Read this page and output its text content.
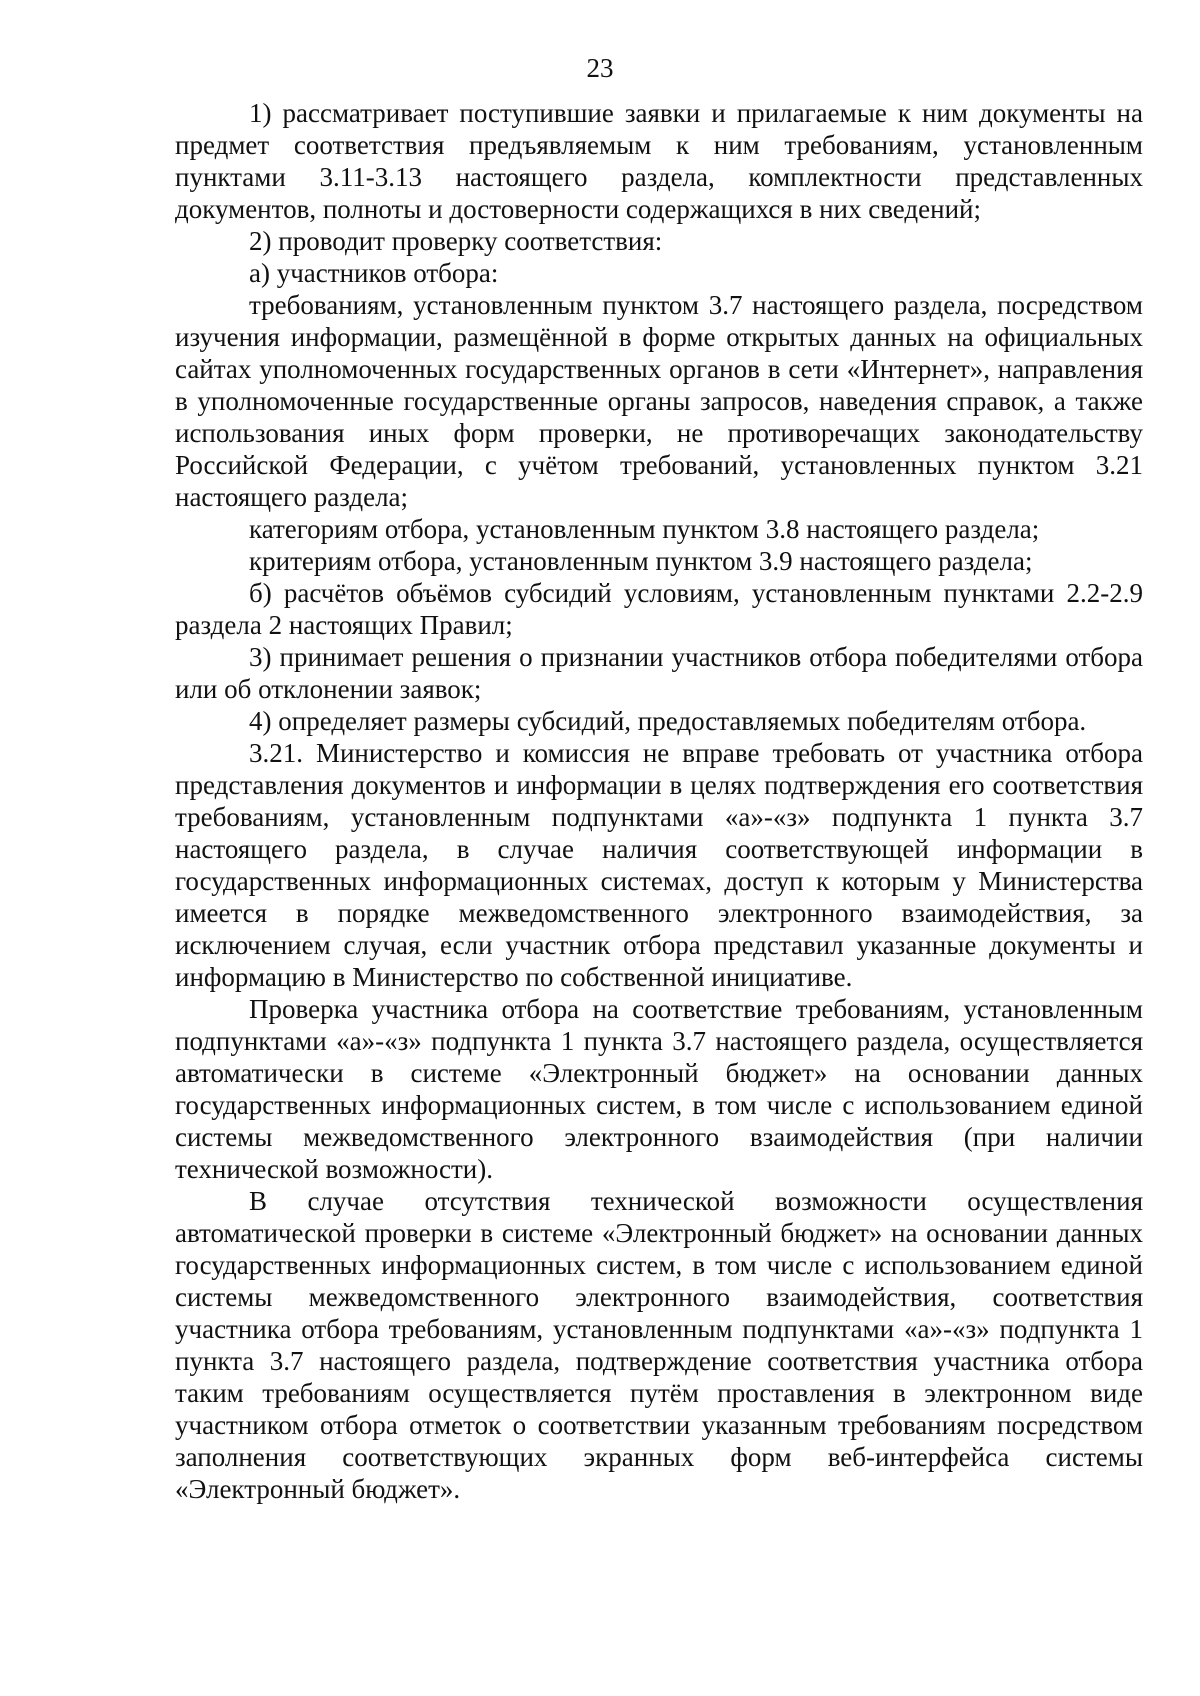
23

1) рассматривает поступившие заявки и прилагаемые к ним документы на предмет соответствия предъявляемым к ним требованиям, установленным пунктами 3.11-3.13 настоящего раздела, комплектности представленных документов, полноты и достоверности содержащихся в них сведений;

2) проводит проверку соответствия:

а) участников отбора:

требованиям, установленным пунктом 3.7 настоящего раздела, посредством изучения информации, размещённой в форме открытых данных на официальных сайтах уполномоченных государственных органов в сети «Интернет», направления в уполномоченные государственные органы запросов, наведения справок, а также использования иных форм проверки, не противоречащих законодательству Российской Федерации, с учётом требований, установленных пунктом 3.21 настоящего раздела;

категориям отбора, установленным пунктом 3.8 настоящего раздела;

критериям отбора, установленным пунктом 3.9 настоящего раздела;

б) расчётов объёмов субсидий условиям, установленным пунктами 2.2-2.9 раздела 2 настоящих Правил;

3) принимает решения о признании участников отбора победителями отбора или об отклонении заявок;

4) определяет размеры субсидий, предоставляемых победителям отбора.

3.21. Министерство и комиссия не вправе требовать от участника отбора представления документов и информации в целях подтверждения его соответствия требованиям, установленным подпунктами «а»-«з» подпункта 1 пункта 3.7 настоящего раздела, в случае наличия соответствующей информации в государственных информационных системах, доступ к которым у Министерства имеется в порядке межведомственного электронного взаимодействия, за исключением случая, если участник отбора представил указанные документы и информацию в Министерство по собственной инициативе.

Проверка участника отбора на соответствие требованиям, установленным подпунктами «а»-«з» подпункта 1 пункта 3.7 настоящего раздела, осуществляется автоматически в системе «Электронный бюджет» на основании данных государственных информационных систем, в том числе с использованием единой системы межведомственного электронного взаимодействия (при наличии технической возможности).

В случае отсутствия технической возможности осуществления автоматической проверки в системе «Электронный бюджет» на основании данных государственных информационных систем, в том числе с использованием единой системы межведомственного электронного взаимодействия, соответствия участника отбора требованиям, установленным подпунктами «а»-«з» подпункта 1 пункта 3.7 настоящего раздела, подтверждение соответствия участника отбора таким требованиям осуществляется путём проставления в электронном виде участником отбора отметок о соответствии указанным требованиям посредством заполнения соответствующих экранных форм веб-интерфейса системы «Электронный бюджет».
